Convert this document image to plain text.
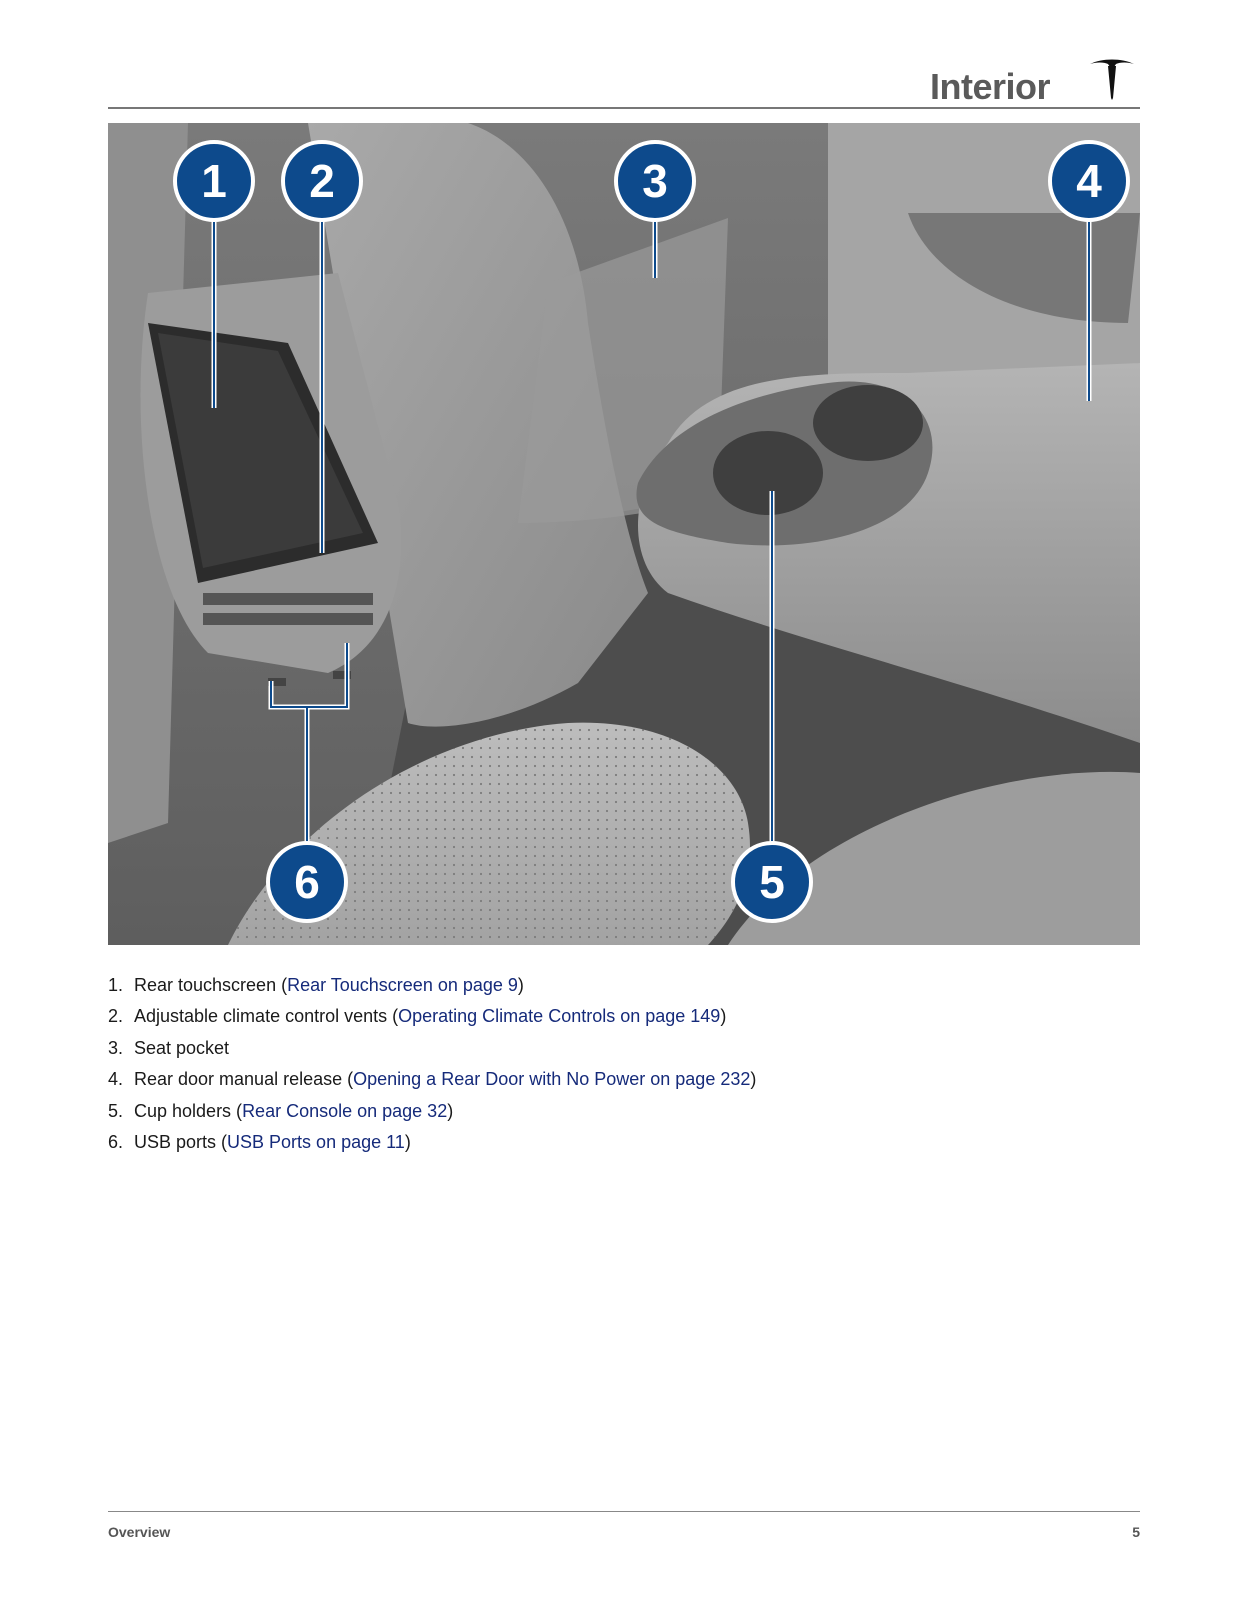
Interior
1 2	3	4
5
6
1. Rear touchscreen (Rear Touchscreen on page 9)
2. Adjustable climate control vents (Operating Climate Controls on page 149)
3. Seat pocket
4. Rear door manual release (Opening a Rear Door with No Power on page 232)
5. Cup holders (Rear Console on page 32)
6. USB ports (USB Ports on page 11)
Overview	5
